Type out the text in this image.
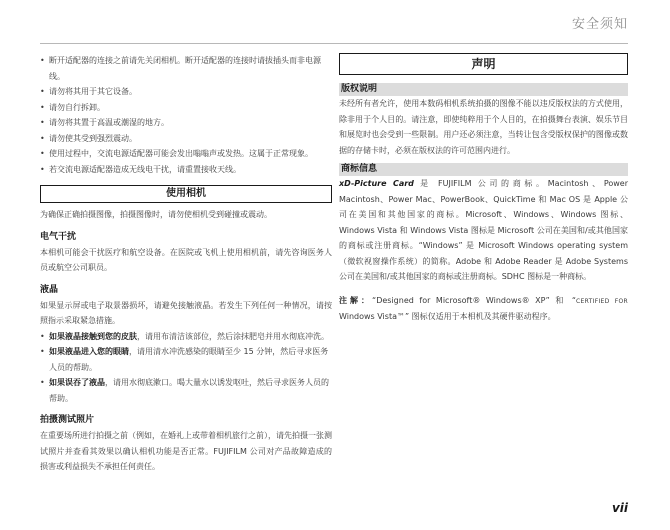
安全须知
• 断开适配器的连接之前请先关闭相机。断开适配器的连接时请拔插头而非电源线。
• 请勿将其用于其它设备。
• 请勿自行拆卸。
• 请勿将其置于高温或潮湿的地方。
• 请勿使其受到强烈震动。
• 使用过程中，交流电源适配器可能会发出嗡嗡声或发热。这属于正常现象。
• 若交流电源适配器造成无线电干扰，请重置接收天线。
使用相机

为确保正确拍摄图像，拍摄图像时，请勿使相机受到碰撞或震动。

电气干扰

本相机可能会干扰医疗和航空设备。在医院或飞机上使用相机前，请先咨询医务人员或航空公司职员。

液晶

如果显示屏或电子取景器损坏，请避免接触液晶。若发生下列任何一种情况，请按照指示采取紧急措施。

• 如果液晶接触到您的皮肤，请用布清洁该部位，然后涂抹肥皂并用水彻底冲洗。
• 如果液晶进入您的眼睛，请用清水冲洗感染的眼睛至少 15 分钟，然后寻求医务人员的帮助。
• 如果误吞了液晶，请用水彻底漱口。喝大量水以诱发呕吐，然后寻求医务人员的帮助。
拍摄测试照片

在重要场所进行拍摄之前（例如，在婚礼上或带着相机旅行之前），请先拍摄一张测试照片并查看其效果以确认相机功能是否正常。FUJIFILM 公司对产品故障造成的损害或利益损失不承担任何责任。

声明
版权说明

未经所有者允许，使用本数码相机系统拍摄的图像不能以违反版权法的方式使用，除非用于个人目的。请注意，即使纯粹用于个人目的，在拍摄舞台表演、娱乐节目和展览时也会受到一些限制。用户还必须注意，当转让包含受版权保护的图像或数据的存储卡时，必须在版权法的许可范围内进行。

商标信息

xD-Picture Card 是 FUJIFILM 公司的商标。Macintosh、Power Macintosh、Power Mac、PowerBook、QuickTime 和 Mac OS 是 Apple 公司在美国和其他国家的商标。Microsoft、Windows、Windows 图标、Windows Vista 和 Windows Vista 图标是 Microsoft 公司在美国和/或其他国家的商标或注册商标。“Windows” 是 Microsoft Windows operating system（微软视窗操作系统）的简称。Adobe 和 Adobe Reader 是 Adobe Systems 公司在美国和/或其他国家的商标或注册商标。SDHC 图标是一种商标。

注解：“Designed for Microsoft® Windows® XP” 和 “CERTIFIED FOR Windows Vista™” 图标仅适用于本相机及其硬件驱动程序。

vii
